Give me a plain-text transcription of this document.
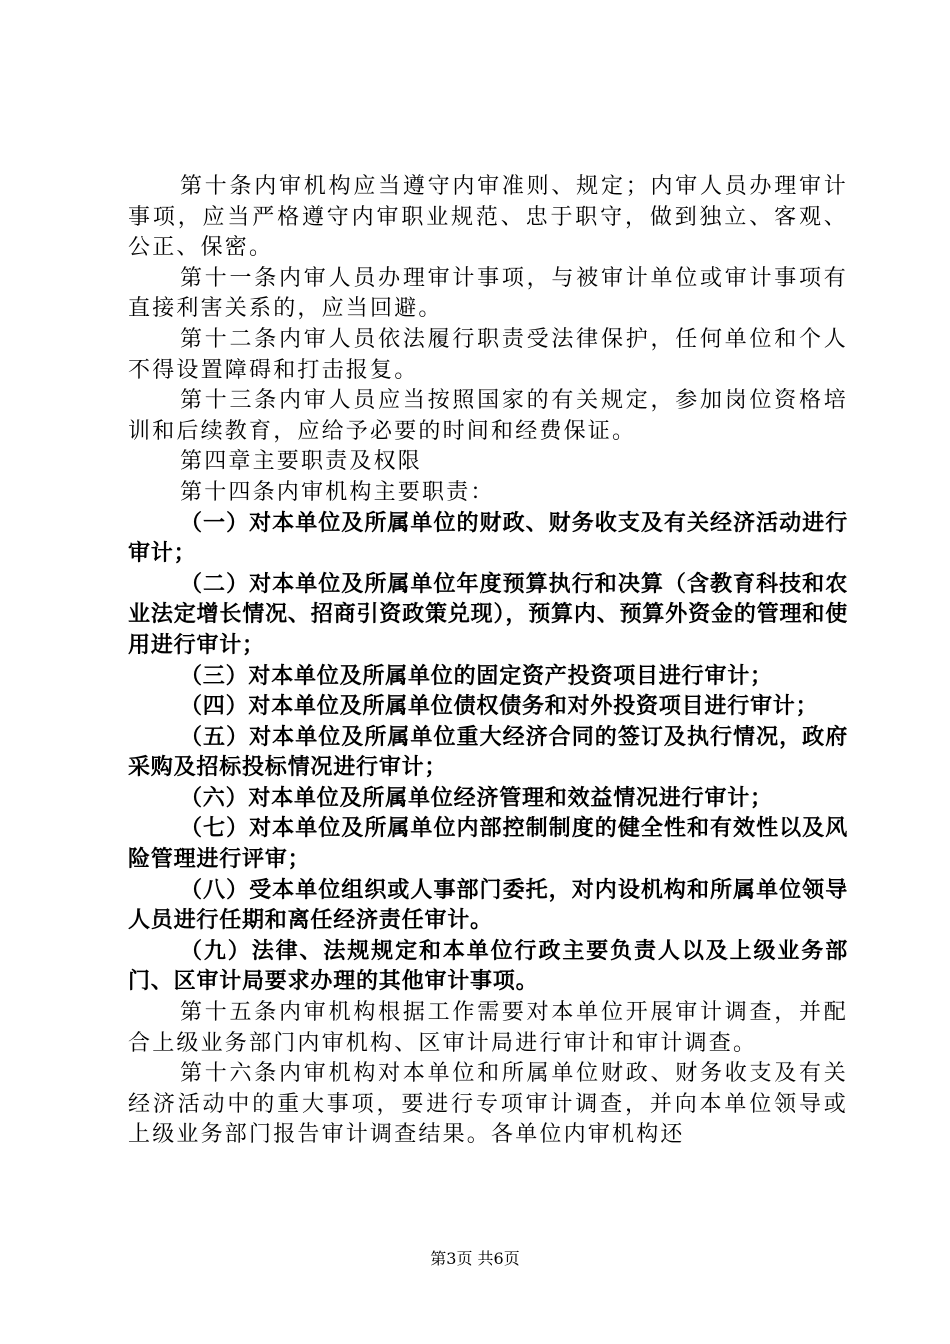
第十条内审机构应当遵守内审准则、规定；内审人员办理审计事项，应当严格遵守内审职业规范、忠于职守，做到独立、客观、公正、保密。

第十一条内审人员办理审计事项，与被审计单位或审计事项有直接利害关系的，应当回避。

第十二条内审人员依法履行职责受法律保护，任何单位和个人不得设置障碍和打击报复。

第十三条内审人员应当按照国家的有关规定，参加岗位资格培训和后续教育，应给予必要的时间和经费保证。

第四章主要职责及权限

第十四条内审机构主要职责：

（一）对本单位及所属单位的财政、财务收支及有关经济活动进行审计；

（二）对本单位及所属单位年度预算执行和决算（含教育科技和农业法定增长情况、招商引资政策兑现），预算内、预算外资金的管理和使用进行审计；

（三）对本单位及所属单位的固定资产投资项目进行审计；

（四）对本单位及所属单位债权债务和对外投资项目进行审计；

（五）对本单位及所属单位重大经济合同的签订及执行情况，政府采购及招标投标情况进行审计；

（六）对本单位及所属单位经济管理和效益情况进行审计；

（七）对本单位及所属单位内部控制制度的健全性和有效性以及风险管理进行评审；

（八）受本单位组织或人事部门委托，对内设机构和所属单位领导人员进行任期和离任经济责任审计。

（九）法律、法规规定和本单位行政主要负责人以及上级业务部门、区审计局要求办理的其他审计事项。

第十五条内审机构根据工作需要对本单位开展审计调查，并配合上级业务部门内审机构、区审计局进行审计和审计调查。

第十六条内审机构对本单位和所属单位财政、财务收支及有关经济活动中的重大事项，要进行专项审计调查，并向本单位领导或上级业务部门报告审计调查结果。各单位内审机构还

第3页 共6页
